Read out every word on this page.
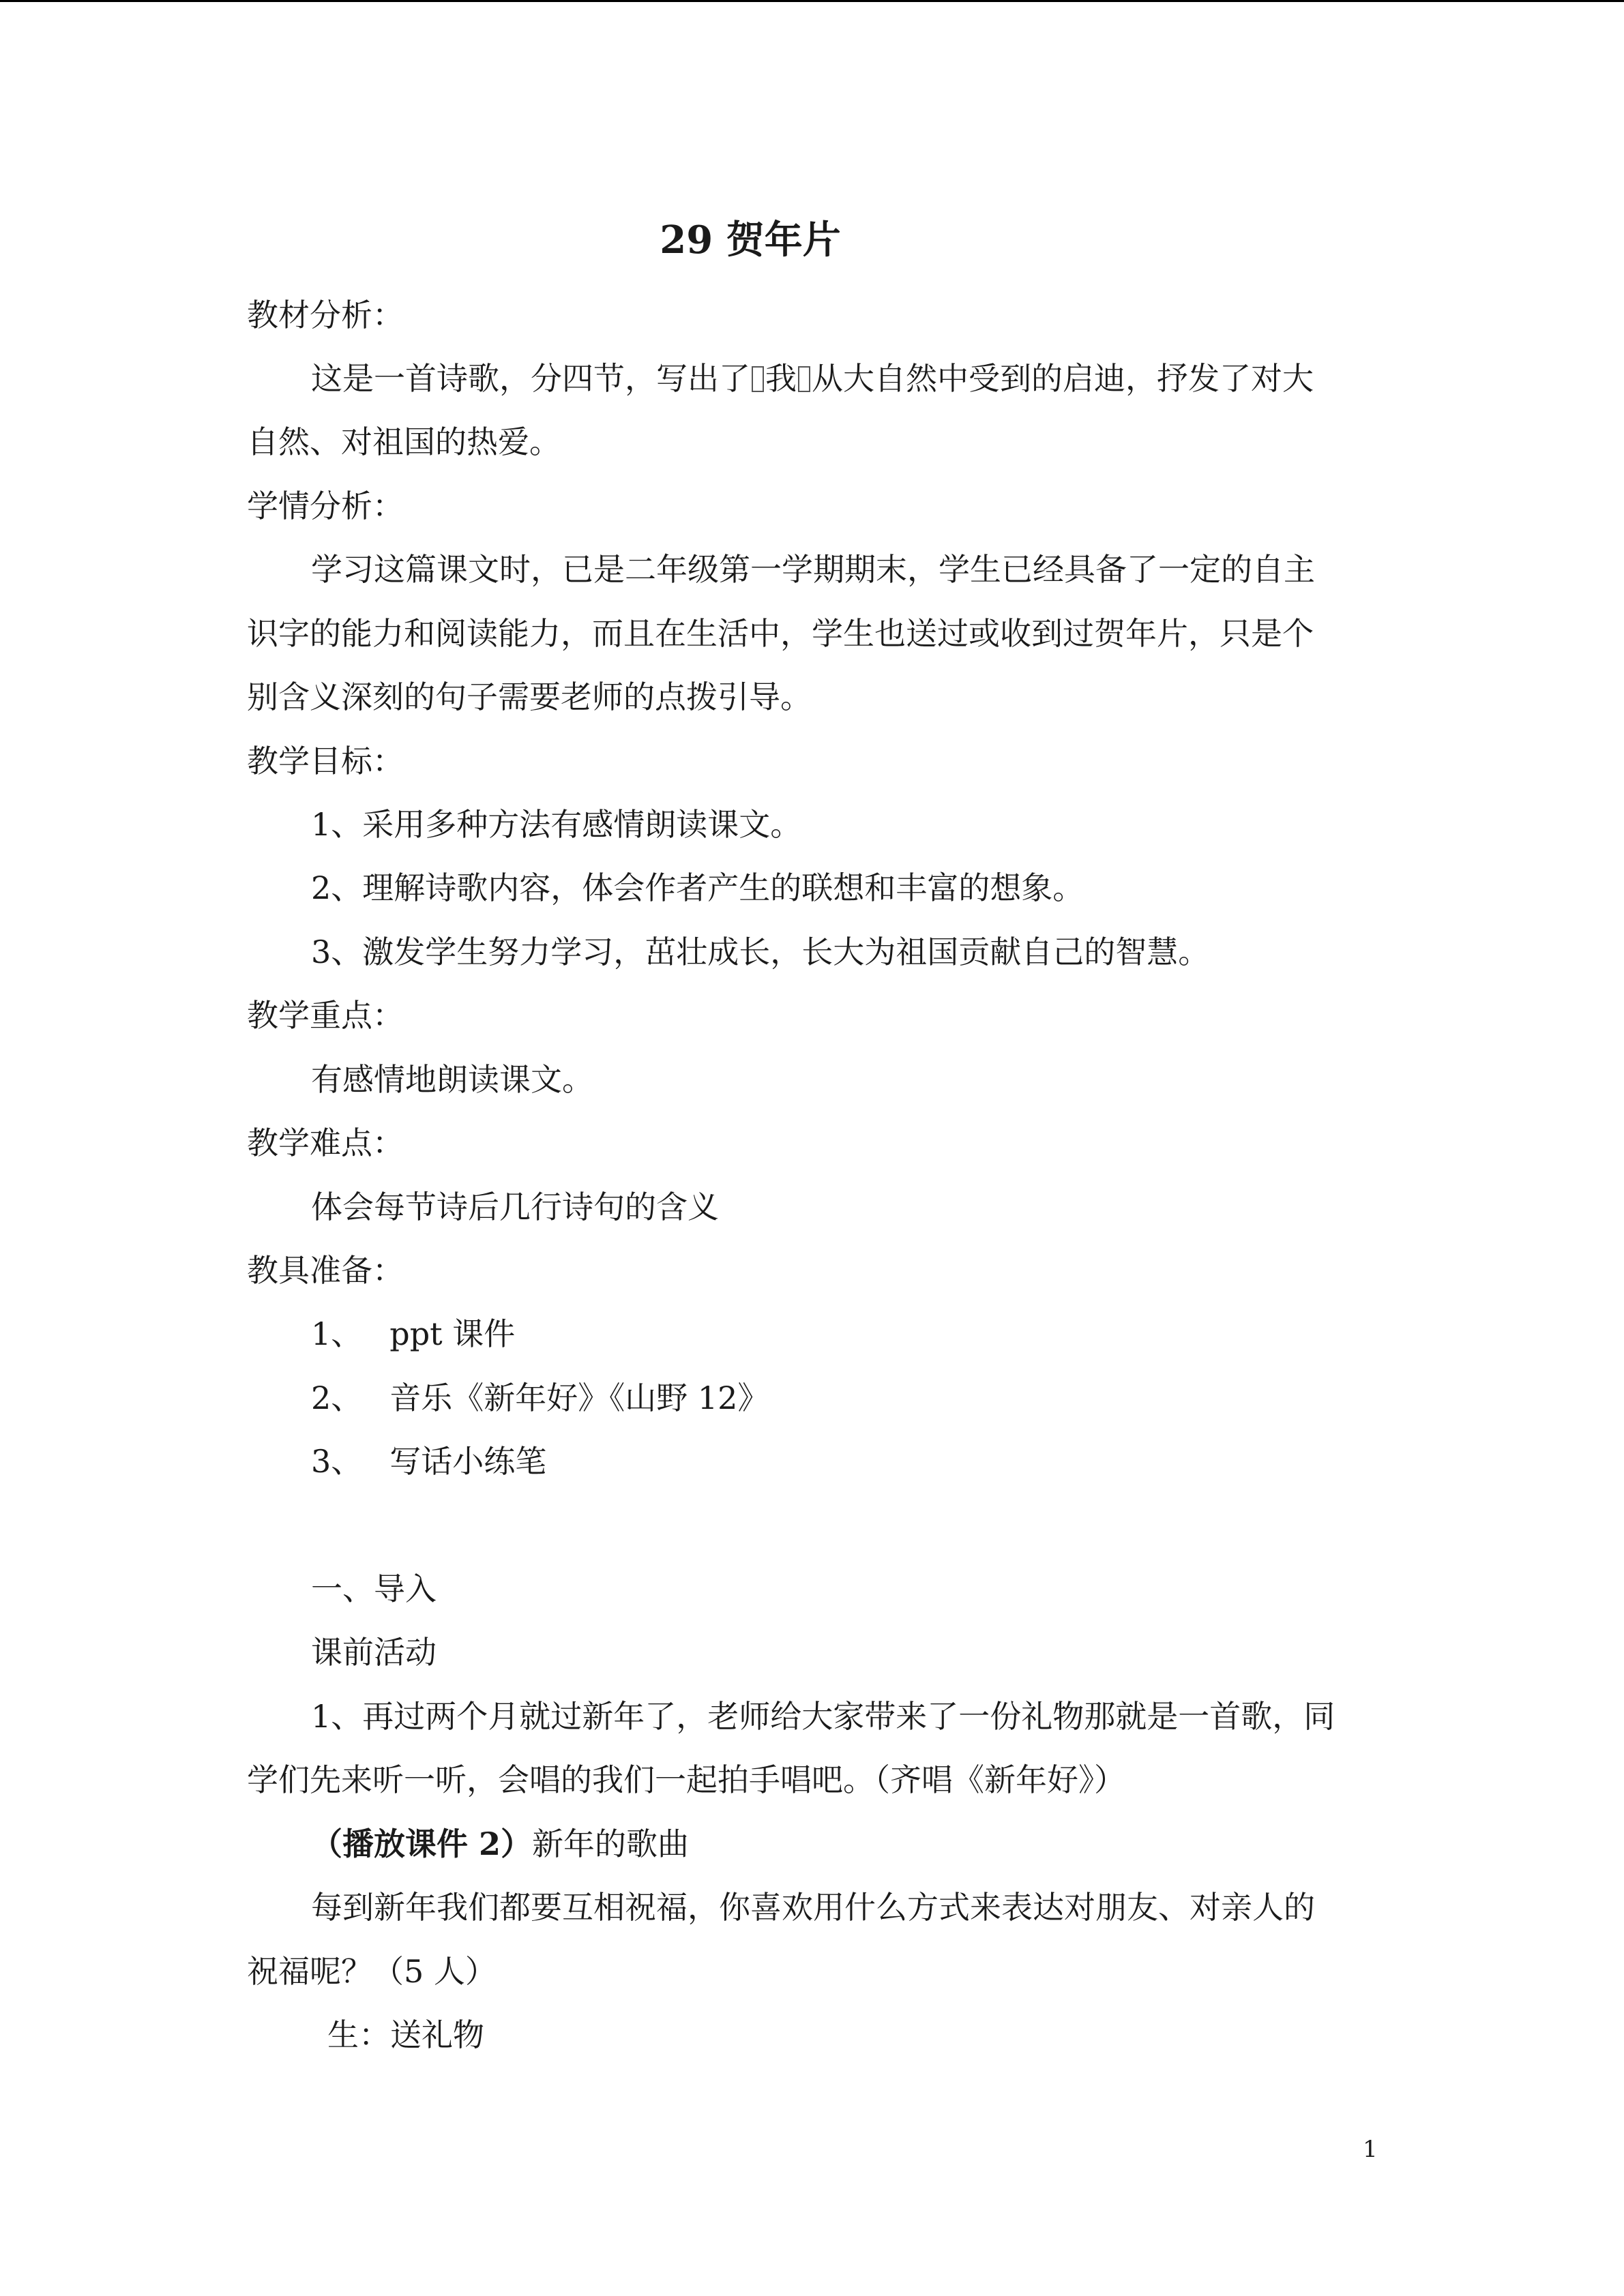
29 贺年片
教材分析：
这是一首诗歌，分四节，写出了 我 从大自然中受到的启迪，抒发了对大
自然、对祖国的热爱。
学情分析：
学习这篇课文时，已是二年级第一学期期末，学生已经具备了一定的自主
识字的能力和阅读能力，而且在生活中，学生也送过或收到过贺年片，只是个
别含义深刻的句子需要老师的点拨引导。
教学目标：
1、采用多种方法有感情朗读课文。
2、理解诗歌内容，体会作者产生的联想和丰富的想象。
3、激发学生努力学习，茁壮成长，长大为祖国贡献自己的智慧。
教学重点：
有感情地朗读课文。
教学难点：
体会每节诗后几行诗句的含义
教具准备：
1、 ppt 课件
2、 音乐《新年好》《山野 12》
3、 写话小练笔
一、导入
课前活动
1、再过两个月就过新年了，老师给大家带来了一份礼物那就是一首歌，同
学们先来听一听，会唱的我们一起拍手唱吧。（齐唱《新年好》）
（播放课件 2）新年的歌曲
每到新年我们都要互相祝福，你喜欢用什么方式来表达对朋友、对亲人的
祝福呢？（5 人）
生：送礼物
1
